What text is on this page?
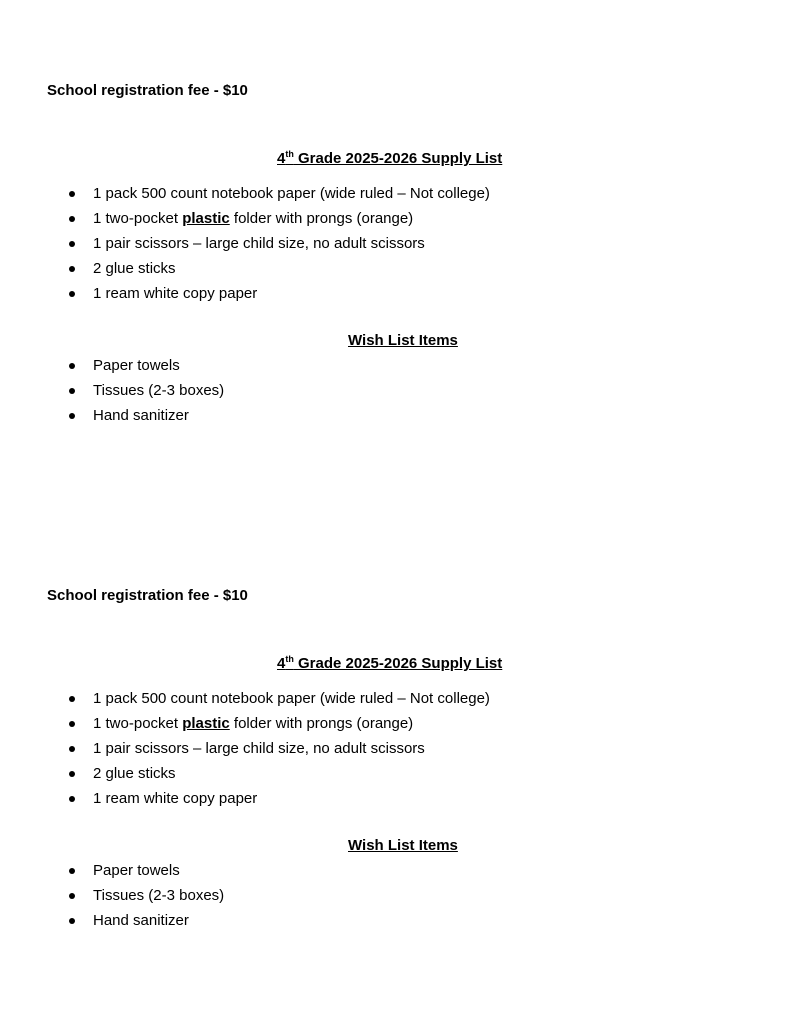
School registration fee - $10
4th Grade 2025-2026 Supply List
1 pack 500 count notebook paper (wide ruled – Not college)
1 two-pocket plastic folder with prongs (orange)
1 pair scissors – large child size, no adult scissors
2 glue sticks
1 ream white copy paper
Wish List Items
Paper towels
Tissues (2-3 boxes)
Hand sanitizer
School registration fee - $10
4th Grade 2025-2026 Supply List
1 pack 500 count notebook paper (wide ruled – Not college)
1 two-pocket plastic folder with prongs (orange)
1 pair scissors – large child size, no adult scissors
2 glue sticks
1 ream white copy paper
Wish List Items
Paper towels
Tissues (2-3 boxes)
Hand sanitizer
